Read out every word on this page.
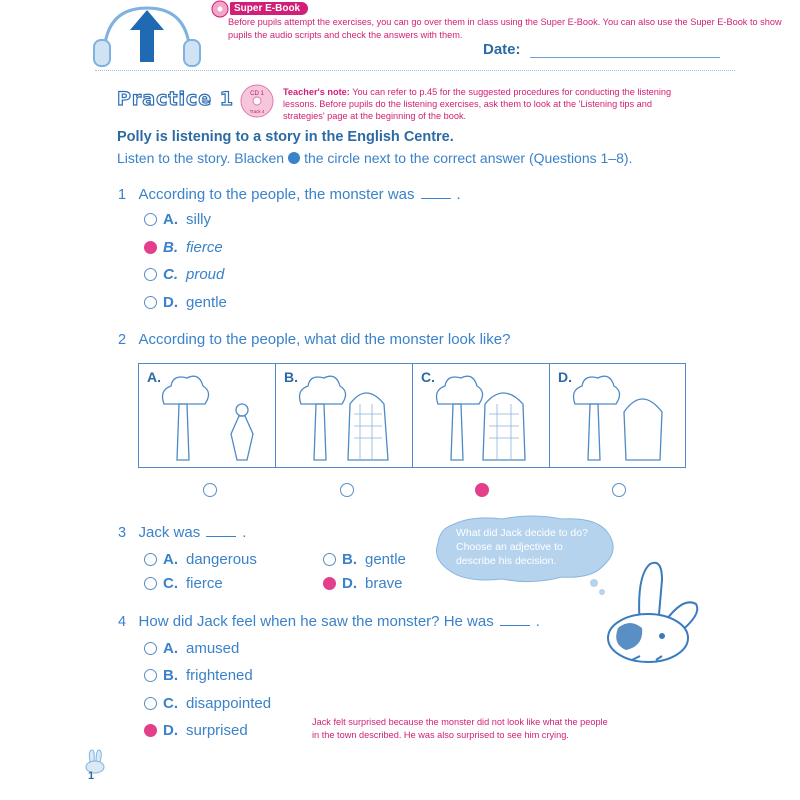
Super E-Book
Before pupils attempt the exercises, you can go over them in class using the Super E-Book. You can also use the Super E-Book to show pupils the audio scripts and check the answers with them.
Date:
Practice 1	CD 1
Track 4
Teacher's note: You can refer to p.45 for the suggested procedures for conducting the listening lessons. Before pupils do the listening exercises, ask them to look at the 'Listening tips and strategies' page at the beginning of the book.
Polly is listening to a story in the English Centre.
Listen to the story. Blacken the circle next to the correct answer (Questions 1–8).
1 According to the people, the monster was	.
A. silly
B. fierce
C. proud
D. gentle
2 According to the people, what did the monster look like?
A.	B.	C.	D.
3 Jack was	.
A. dangerous	B. gentle
C. fierce	D. brave
What did Jack decide to do? Choose an adjective to describe his decision.
4 How did Jack feel when he saw the monster? He was	.
A. amused
B. frightened
C. disappointed
D. surprised	Jack felt surprised because the monster did not look like what the people in the town described. He was also surprised to see him crying.
1
